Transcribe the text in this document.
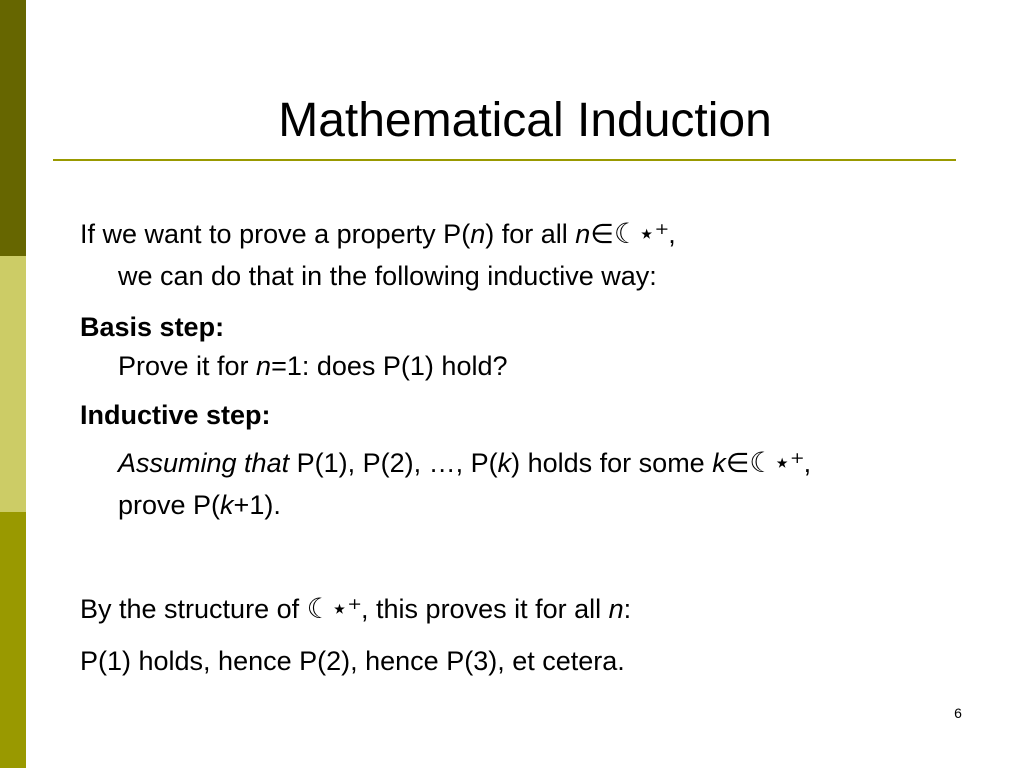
Mathematical Induction
If we want to prove a property P(n) for all n∈☾⋆⁺,
we can do that in the following inductive way:
Basis step:
Prove it for n=1: does P(1) hold?
Inductive step:
Assuming that P(1), P(2), …, P(k) holds for some k∈☾⋆⁺,
prove P(k+1).
By the structure of ☾⋆⁺, this proves it for all n:
P(1) holds, hence P(2), hence P(3), et cetera.
6
